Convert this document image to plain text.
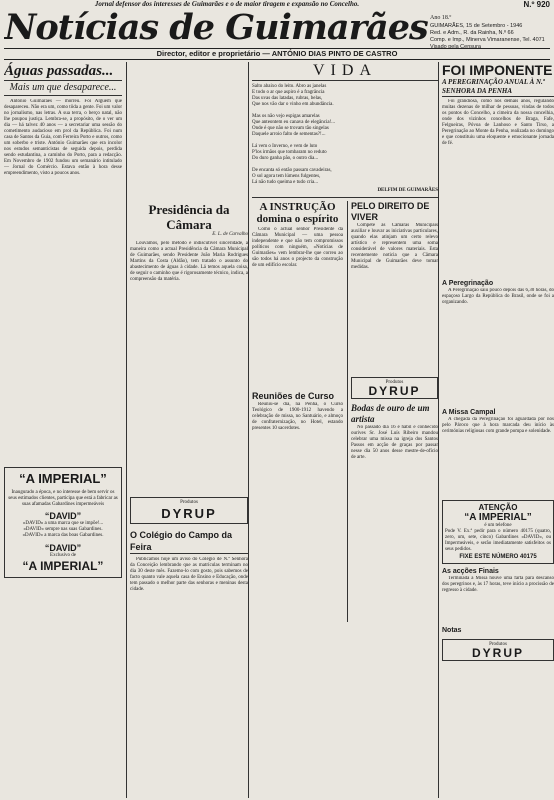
Jornal defensor dos interesses de Guimarães e o de maior tiragem e expansão no Concelho.	N.º 920
Notícias de Guimarães Ano 18.º
GUIMARÃES, 15 de Setembro - 1946
Red. e Adm., R. da Rainha, N.º 66
Comp. e Imp., Minerva Vimaranense, Tel. 4071
Visado pela Censura
Director, editor e proprietário — ANTÓNIO DIAS PINTO DE CASTRO
Águas passadas...
Mais um que desaparece...

António Guimarães — morreu. Foi Alguém que desapareceu. Não era um, como tôda a gente. Foi um valor no jornalismo, nas letras. A sua terra, o berço natal, não lhe poupou justiça. Lembra-se, a propósito, de o ver um dia — há talvez 40 anos — a secretariar uma sessão do cometimento audacioso em prol da República. Foi num casa de Santos da Guia, com Ferreira Porto e outros, como um soberbo e triste. António Guimarães que era incolor nos estudos semanticistas de seguida depois, perdida sendo estudantina, a caminho do Porto, para a redacção. Em Novembro de 1902 fundou um semanário intitulado — Jornal do Comércio. Estava então à hora desse empreendimento, visto a poucos anos.

“A IMPERIAL”
Inaugurado a época, e no interesse de bem servir os seus estimados clientes, participa que está a fabricar as suas afamadas Gabardines impermeáveis
“DAVID”
«DAVID» a uma marca que se impõe!...
«DAVID» sempre nas suas Gabardines.
«DAVID» a marca das boas Gabardines.
“DAVID”
Exclusivo de
“A IMPERIAL”
Presidência da Câmara
E. L. de Carvalho

Louvamos, pelo método e indiscutível sinceridade, a maneira como a actual Presidência da Câmara Municipal de Guimarães, sendo Presidente João Maria Rodrigues Martins da Costa (Aldão), tem tratado o assunto do abastecimento de águas à cidade. Lá temos aquela coisa, de seguir o caminho que é rigorosamente técnico, indica, a compreensão da matéria.

Produtos
DYRUP
O Colégio do Campo da Feira

Publicamos hoje um aviso do Colégio de N.ª Senhora da Conceição lembrando que as matrículas terminam no dia 30 deste mês. Fazemo-lo com gosto, pois sabemos de facto quanto vale aquela casa de Ensino e Educação, onde tem passado o melhor parte das senhoras e meninas desta cidade.

VIDA
Salto abaixo do leito. Abro as janelas
E todo o ar que aspiro é a fragrância
Das uvas das latadas, rubras, belas,
Que nos vão dar o vinho em abundância.

Mas os não vejo espigas amarelas
Que anteontem eu canava de elegância!...
Onde é que não se trovam tão singelas
Daquele arroio falto de sementas?!...

Lá vem o Inverno, e vem de luto
P'los irmãos que tombaram no reduto
Do duro ganha pão, o outro dia...

De encanta só então passam cavadeiras,
O sol agora tem lúmens fulgentes,
Lá não tudo queima e tudo cria...
DELFIM DE GUIMARÃES
A INSTRUÇÃO domina o espírito

Como o actual senhor Presidente da Câmara Municipal — uma pessoa independente e que não tem compromissos políticos com ninguém, «Notícias de Guimarães» vem lembrar-lhe que correu ao são todos há anos o projecto da construção de um edifício escolar.

Reuniões de Curso

Reuniu-se dia, na Penha, o Curso Teológico de 1900-1912 havendo a celebração de missa, no Santuário, e almoço de confraternização, no Hotel, estando presentes 10 sacerdotes.

PELO DIREITO DE VIVER

Compete às Câmaras Municipais auxiliar e louvar as iniciativas particulares, quando elas atinjam um certo relevo artístico e representem uma soma considerável de valores materiais. Esta recentemente noticia que a Câmara Municipal de Guimarães deve tomar medidas.

Produtos
DYRUP
Bodas de ouro de um artista

No passado dia 16 é hábil e conhecido ourives Sr. José Luís Ribeiro mandou celebrar uma missa na igreja dos Santos Passos em acção de graças por passar nesse dia 50 anos desse mestre-de-ofício de arte.

FOI IMPONENTE
A PEREGRINAÇÃO ANUAL À N.ª SENHORA DA PENHA

Foi grandiosa, como nos demais anos, regulando muitas dezenas de milhar de pessoas, vindas de todos os pontos do Concelho, a cimeira da nossa concelhia, onde dos vizinhos concelhos de Braga, Fafe, Felgueiras, Póvoa de Lanhoso e Santo Tirso, a Peregrinação ao Monte da Penha, realizada no domingo e que constituiu uma eloquente e emocionante jornada de fé.

A Peregrinação

A Peregrinação saiu pouco depois das 6,30 horas, do espaçoso Largo da República do Brasil, onde se foi a organizando.

A Missa Campal

A chegada da Peregrinação foi aguardada por nós pelo Pároco que à hora marcada deu início às cerimónias religiosas com grande pompa e solenidade.

ATENÇÃO
“A IMPERIAL”
é um telefone
Pode V. Ex.ª pedir para o número 40175 (quatro, zero, um, sete, cinco) Gabardines «DAVID», ou Impermeáveis, e serão imediatamente satisfeitos os seus pedidos.
FIXE ESTE NÚMERO 40175
As acções Finais

Terminada a Missa houve uma farta para descanso dos peregrinos e, às 17 horas, teve início a procissão de regresso à cidade.

Notas
Produtos
DYRUP
